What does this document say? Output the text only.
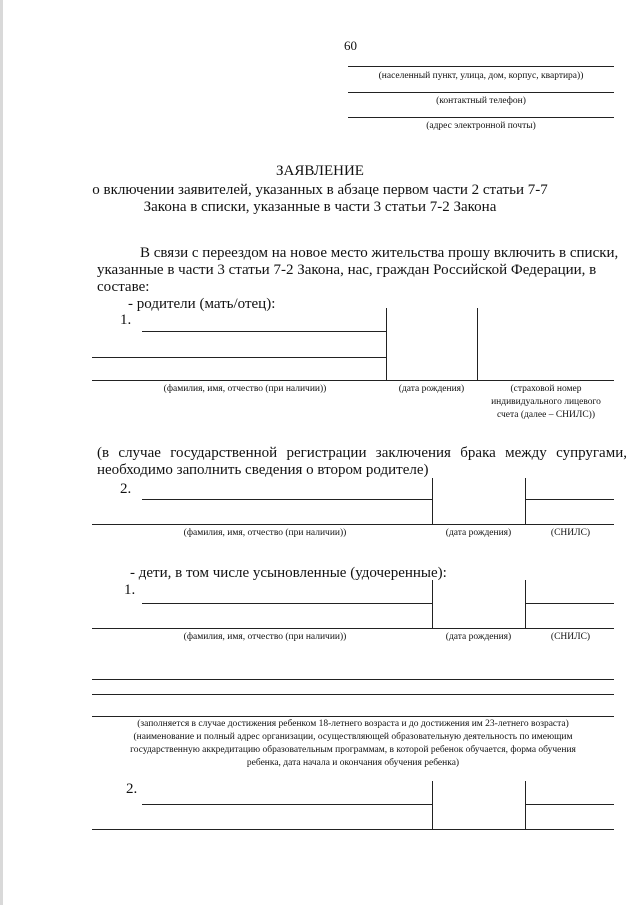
60
(населенный пункт, улица, дом, корпус, квартира))
(контактный телефон)
(адрес электронной почты)
ЗАЯВЛЕНИЕ
о включении заявителей, указанных в абзаце первом части 2 статьи 7-7
Закона в списки, указанные в части 3 статьи 7-2 Закона
В связи с переездом на новое место жительства прошу включить в списки,
указанные в части 3 статьи 7-2 Закона, нас, граждан Российской Федерации, в
составе:
- родители (мать/отец):
1.
(фамилия, имя, отчество (при наличии))	(дата рождения)	(страховой номер
индивидуального лицевого
счета (далее – СНИЛС))
(в случае государственной регистрации заключения брака между супругами,
необходимо заполнить сведения о втором родителе)
2.
(фамилия, имя, отчество (при наличии))	(дата рождения)	(СНИЛС)
- дети, в том числе усыновленные (удочеренные):
1.
(фамилия, имя, отчество (при наличии))	(дата рождения)	(СНИЛС)
(заполняется в случае достижения ребенком 18-летнего возраста и до достижения им 23-летнего возраста)
(наименование и полный адрес организации, осуществляющей образовательную деятельность по имеющим
государственную аккредитацию образовательным программам, в которой ребенок обучается, форма обучения
ребенка, дата начала и окончания обучения ребенка)
2.
